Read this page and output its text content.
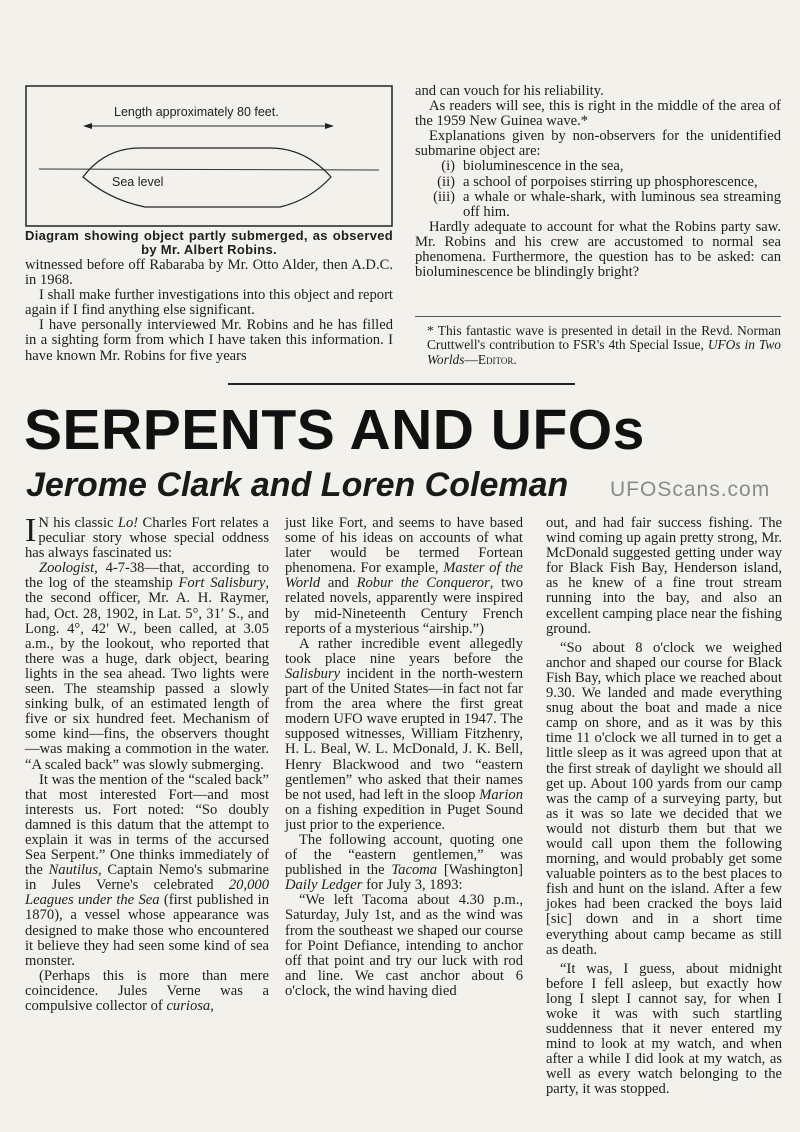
Length approximately 80 feet.
Sea level
Diagram showing object partly submerged, as observed by Mr. Albert Robins.

witnessed before off Rabaraba by Mr. Otto Alder, then A.D.C. in 1968.

I shall make further investigations into this object and report again if I find anything else significant.

I have personally interviewed Mr. Robins and he has filled in a sighting form from which I have taken this information. I have known Mr. Robins for five years

and can vouch for his reliability.

As readers will see, this is right in the middle of the area of the 1959 New Guinea wave.*

Explanations given by non-observers for the unidentified submarine object are:

(i) bioluminescence in the sea,
(ii) a school of porpoises stirring up phosphorescence,
(iii) a whale or whale-shark, with luminous sea streaming off him.

Hardly adequate to account for what the Robins party saw. Mr. Robins and his crew are accustomed to normal sea phenomena. Furthermore, the question has to be asked: can bioluminescence be blindingly bright?

* This fantastic wave is presented in detail in the Revd. Norman Cruttwell's contribution to FSR's 4th Special Issue, UFOs in Two Worlds—Editor.

SERPENTS AND UFOs
Jerome Clark and Loren Coleman UFOScans.com

I N his classic Lo! Charles Fort relates a peculiar story whose special oddness has always fascinated us:

Zoologist, 4-7-38—that, according to the log of the steamship Fort Salisbury, the second officer, Mr. A. H. Raymer, had, Oct. 28, 1902, in Lat. 5°, 31′ S., and Long. 4°, 42′ W., been called, at 3.05 a.m., by the lookout, who reported that there was a huge, dark object, bearing lights in the sea ahead. Two lights were seen. The steamship passed a slowly sinking bulk, of an estimated length of five or six hundred feet. Mechanism of some kind—fins, the observers thought—was making a commotion in the water. “A scaled back” was slowly submerging.

It was the mention of the “scaled back” that most interested Fort—and most interests us. Fort noted: “So doubly damned is this datum that the attempt to explain it was in terms of the accursed Sea Serpent.” One thinks immediately of the Nautilus, Captain Nemo's submarine in Jules Verne's celebrated 20,000 Leagues under the Sea (first published in 1870), a vessel whose appearance was designed to make those who encountered it believe they had seen some kind of sea monster.

(Perhaps this is more than mere coincidence. Jules Verne was a compulsive collector of curiosa,

just like Fort, and seems to have based some of his ideas on accounts of what later would be termed Fortean phenomena. For example, Master of the World and Robur the Conqueror, two related novels, apparently were inspired by mid-Nineteenth Century French reports of a mysterious “airship.”)

A rather incredible event allegedly took place nine years before the Salisbury incident in the north-western part of the United States—in fact not far from the area where the first great modern UFO wave erupted in 1947. The supposed witnesses, William Fitzhenry, H. L. Beal, W. L. McDonald, J. K. Bell, Henry Blackwood and two “eastern gentlemen” who asked that their names be not used, had left in the sloop Marion on a fishing expedition in Puget Sound just prior to the experience.

The following account, quoting one of the “eastern gentlemen,” was published in the Tacoma [Washington] Daily Ledger for July 3, 1893:

“We left Tacoma about 4.30 p.m., Saturday, July 1st, and as the wind was from the southeast we shaped our course for Point Defiance, intending to anchor off that point and try our luck with rod and line. We cast anchor about 6 o'clock, the wind having died

out, and had fair success fishing. The wind coming up again pretty strong, Mr. McDonald suggested getting under way for Black Fish Bay, Henderson island, as he knew of a fine trout stream running into the bay, and also an excellent camping place near the fishing ground.

“So about 8 o'clock we weighed anchor and shaped our course for Black Fish Bay, which place we reached about 9.30. We landed and made everything snug about the boat and made a nice camp on shore, and as it was by this time 11 o'clock we all turned in to get a little sleep as it was agreed upon that at the first streak of daylight we should all get up. About 100 yards from our camp was the camp of a surveying party, but as it was so late we decided that we would not disturb them but that we would call upon them the following morning, and would probably get some valuable pointers as to the best places to fish and hunt on the island. After a few jokes had been cracked the boys laid [sic] down and in a short time everything about camp became as still as death.

“It was, I guess, about midnight before I fell asleep, but exactly how long I slept I cannot say, for when I woke it was with such startling suddenness that it never entered my mind to look at my watch, and when after a while I did look at my watch, as well as every watch belonging to the party, it was stopped.
